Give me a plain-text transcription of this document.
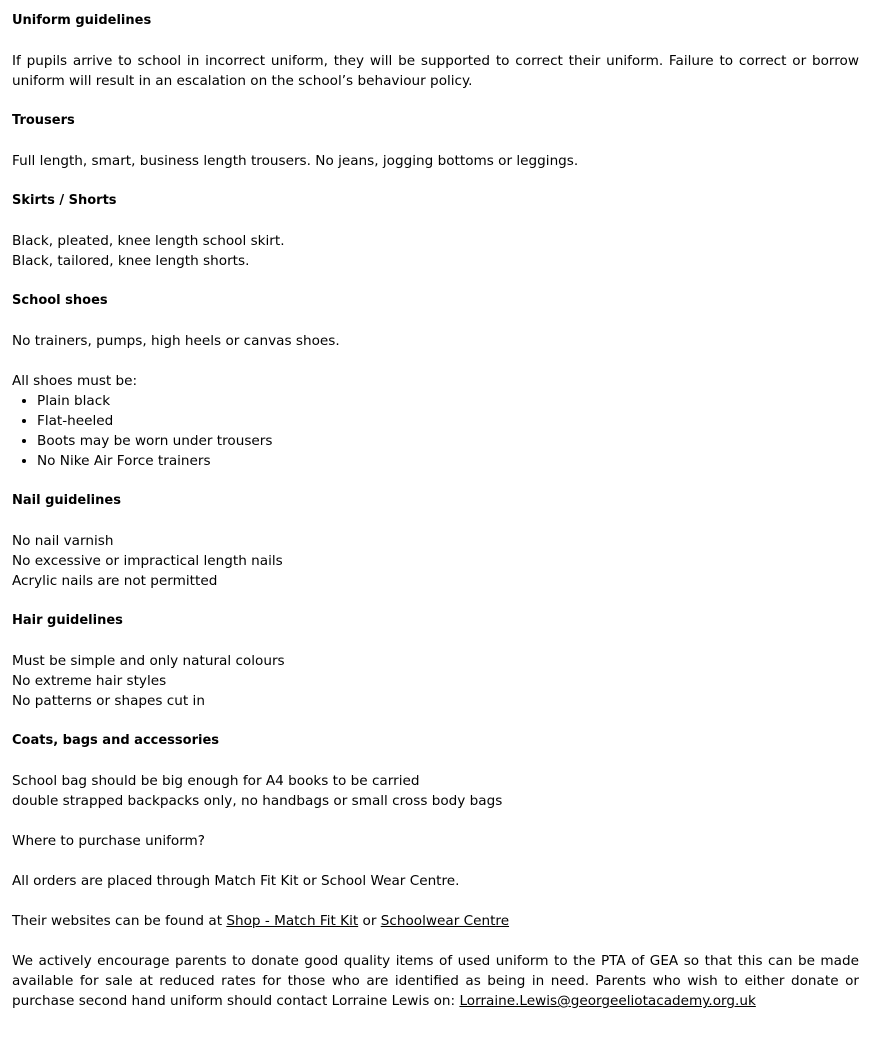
Uniform guidelines

If pupils arrive to school in incorrect uniform, they will be supported to correct their uniform. Failure to correct or borrow uniform will result in an escalation on the school’s behaviour policy.

Trousers

Full length, smart, business length trousers. No jeans, jogging bottoms or leggings.

Skirts / Shorts

Black, pleated, knee length school skirt.

Black, tailored, knee length shorts.

School shoes

No trainers, pumps, high heels or canvas shoes.

All shoes must be:

• Plain black
• Flat-heeled
• Boots may be worn under trousers
• No Nike Air Force trainers
Nail guidelines

No nail varnish

No excessive or impractical length nails

Acrylic nails are not permitted

Hair guidelines

Must be simple and only natural colours

No extreme hair styles

No patterns or shapes cut in

Coats, bags and accessories

School bag should be big enough for A4 books to be carried

double strapped backpacks only, no handbags or small cross body bags

Where to purchase uniform?

All orders are placed through Match Fit Kit or School Wear Centre.

Their websites can be found at Shop - Match Fit Kit or Schoolwear Centre

We actively encourage parents to donate good quality items of used uniform to the PTA of GEA so that this can be made available for sale at reduced rates for those who are identified as being in need. Parents who wish to either donate or purchase second hand uniform should contact Lorraine Lewis on: Lorraine.Lewis@georgeeliotacademy.org.uk
